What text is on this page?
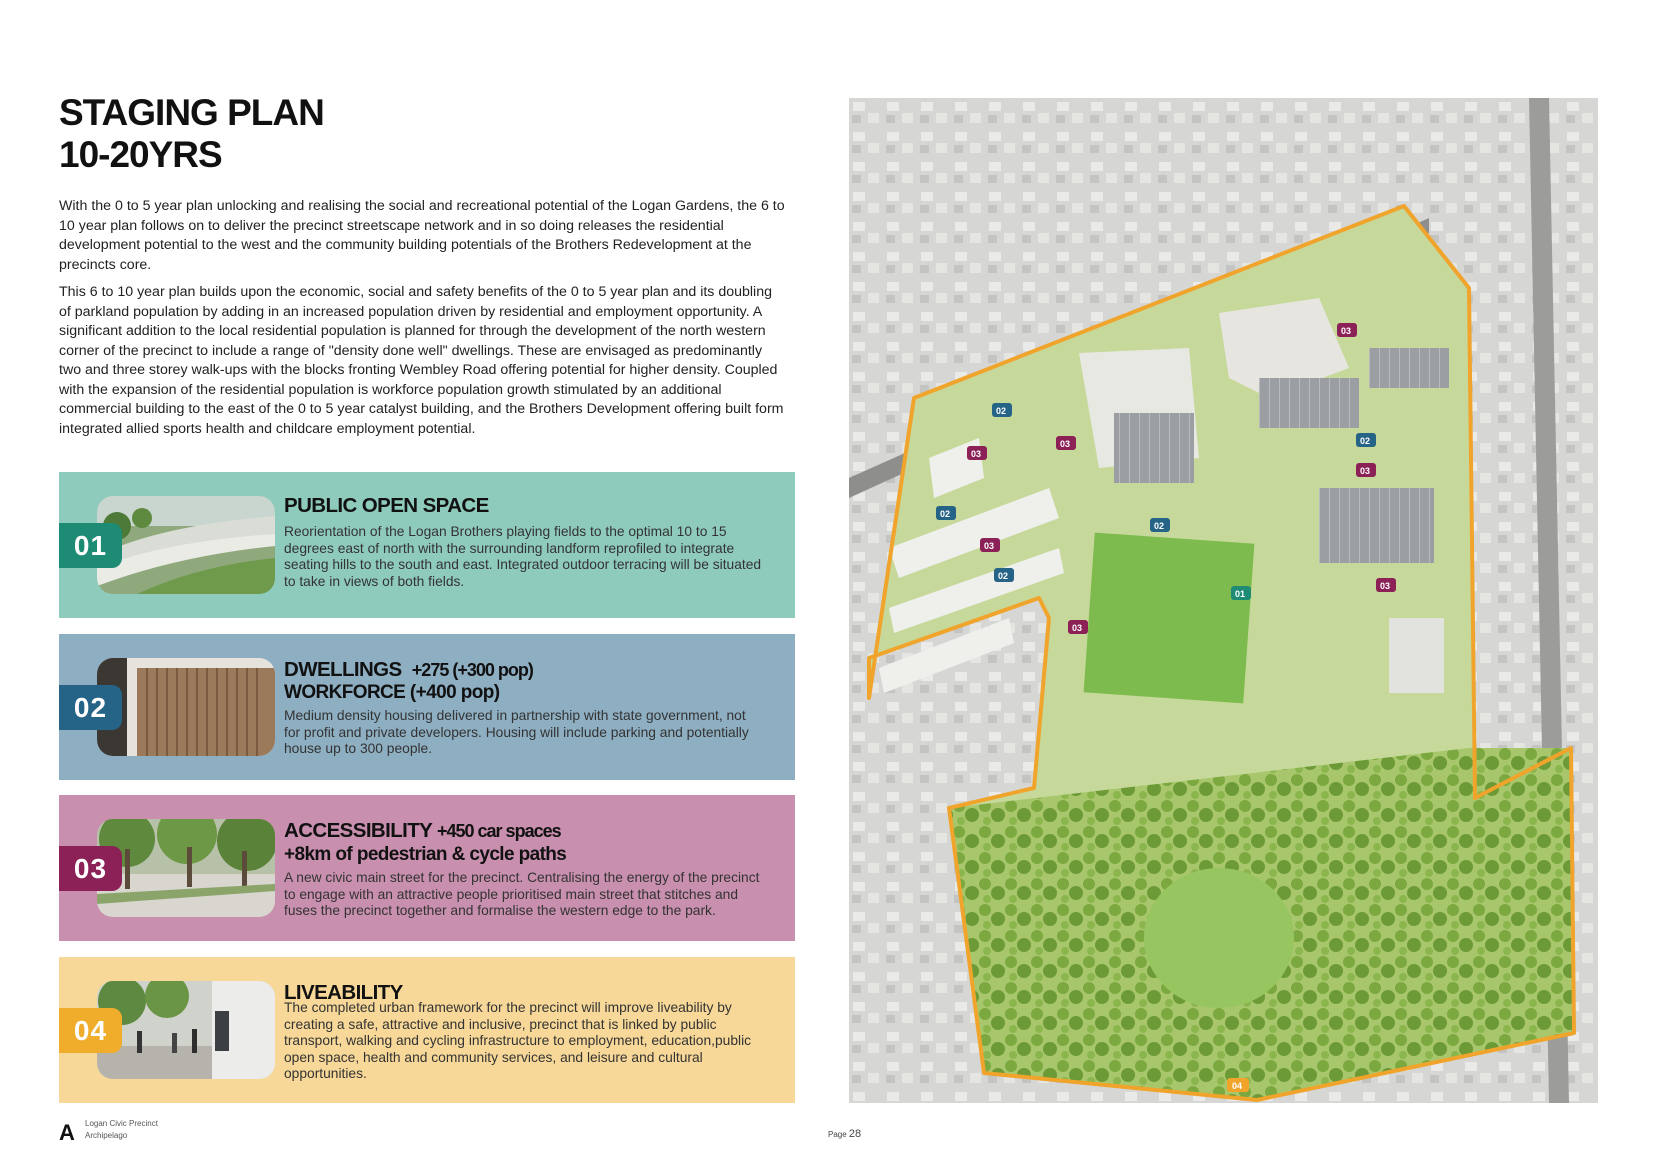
STAGING PLAN
10-20YRS

With the 0 to 5 year plan unlocking and realising the social and recreational potential of the Logan Gardens, the 6 to 10 year plan follows on to deliver the precinct streetscape network and in so doing releases the residential development potential to the west and the community building potentials of the Brothers Redevelopment at the precincts core.

This 6 to 10 year plan builds upon the economic, social and safety benefits of the 0 to 5 year plan and its doubling of parkland population by adding in an increased population driven by residential and employment opportunity. A significant addition to the local residential population is planned for through the development of the north western corner of the precinct to include a range of "density done well" dwellings. These are envisaged as predominantly two and three storey walk-ups with the blocks fronting Wembley Road offering potential for higher density. Coupled with the expansion of the residential population is workforce population growth stimulated by an additional commercial building to the east of the 0 to 5 year catalyst building, and the Brothers Development offering built form integrated allied sports health and childcare employment potential.

01
PUBLIC OPEN SPACE

Reorientation of the Logan Brothers playing fields to the optimal 10 to 15 degrees east of north with the surrounding landform reprofiled to integrate seating hills to the south and east. Integrated outdoor terracing will be situated to take in views of both fields.

02
DWELLINGS +275 (+300 pop)
WORKFORCE (+400 pop)

Medium density housing delivered in partnership with state government, not for profit and private developers. Housing will include parking and potentially house up to 300 people.

03
ACCESSIBILITY +450 car spaces
+8km of pedestrian & cycle paths

A new civic main street for the precinct. Centralising the energy of the precinct to engage with an attractive people prioritised main street that stitches and fuses the precinct together and formalise the western edge to the park.

04
LIVEABILITY

The completed urban framework for the precinct will improve liveability by creating a safe, attractive and inclusive, precinct that is linked by public transport, walking and cycling infrastructure to employment, education,public open space, health and community services, and leisure and cultural opportunities.

01
02
02
02
02
02
03
03
03
03
03
03
03
04
A Logan Civic Precinct
Archipelago	Page 28
